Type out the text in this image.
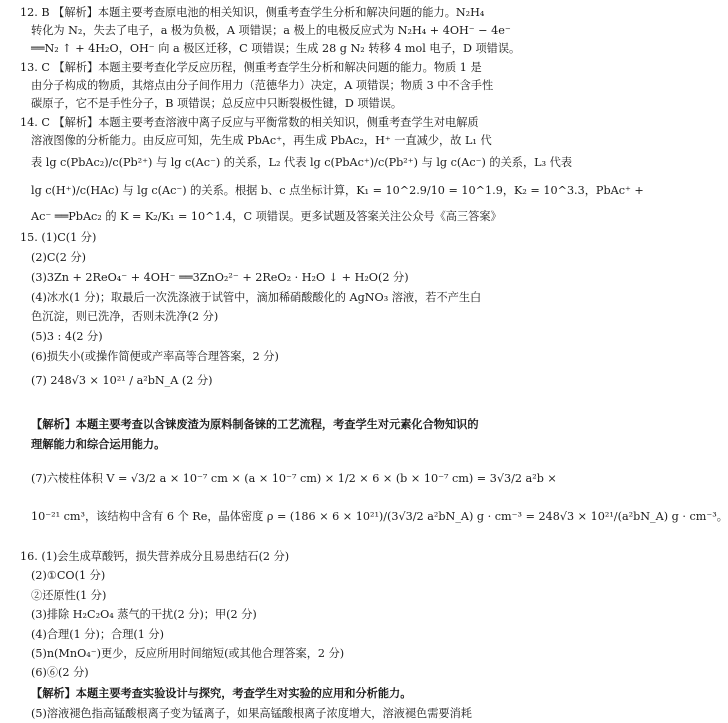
12. B 【解析】本题主要考查原电池的相关知识，侧重考查学生分析和解决问题的能力。N₂H₄
转化为 N₂，失去了电子，a 极为负极，A 项错误；a 极上的电极反应式为 N₂H₄ + 4OH⁻ − 4e⁻
══N₂ ↑ + 4H₂O，OH⁻ 向 a 极区迁移，C 项错误；生成 28 g N₂ 转移 4 mol 电子，D 项错误。
13. C 【解析】本题主要考查化学反应历程，侧重考查学生分析和解决问题的能力。物质 1 是
由分子构成的物质，其熔点由分子间作用力（范德华力）决定，A 项错误；物质 3 中不含手性
碳原子，它不是手性分子，B 项错误；总反应中只断裂极性键，D 项错误。
14. C 【解析】本题主要考查溶液中离子反应与平衡常数的相关知识，侧重考查学生对电解质
溶液图像的分析能力。由反应可知，先生成 PbAc⁺，再生成 PbAc₂，H⁺ 一直减少，故 L₁ 代
表 lg c(PbAc₂)/c(Pb²⁺) 与 lg c(Ac⁻) 的关系，L₂ 代表 lg c(PbAc⁺)/c(Pb²⁺) 与 lg c(Ac⁻) 的关系，L₃ 代表
lg c(H⁺)/c(HAc) 与 lg c(Ac⁻) 的关系。根据 b、c 点坐标计算，K₁ = 10^2.9/10 = 10^1.9，K₂ = 10^3.3，PbAc⁺ +
Ac⁻ ══PbAc₂ 的 K = K₂/K₁ = 10^1.4，C 项错误。更多试题及答案关注公众号《高三答案》
15. (1)C(1 分)
(2)C(2 分)
(3)3Zn + 2ReO₄⁻ + 4OH⁻ ══3ZnO₂²⁻ + 2ReO₂ · H₂O ↓ + H₂O(2 分)
(4)冰水(1 分)；取最后一次洗涤液于试管中，滴加稀硝酸酸化的 AgNO₃ 溶液，若不产生白
色沉淀，则已洗净，否则未洗净(2 分)
(5)3 : 4(2 分)
(6)损失小(或操作简便或产率高等合理答案，2 分)
(7) 248√3 × 10²¹ / a²bN_A (2 分)
【解析】本题主要考查以含铼废渣为原料制备铼的工艺流程，考查学生对元素化合物知识的
理解能力和综合运用能力。
(7)六棱柱体积 V = √3/2 a × 10⁻⁷ cm × (a × 10⁻⁷ cm) × 1/2 × 6 × (b × 10⁻⁷ cm) = 3√3/2 a²b ×
10⁻²¹ cm³，该结构中含有 6 个 Re，晶体密度 ρ = (186 × 6 × 10²¹)/(3√3/2 a²bN_A) g · cm⁻³ = 248√3 × 10²¹/(a²bN_A) g · cm⁻³。
16. (1)会生成草酸钙，损失营养成分且易患结石(2 分)
(2)①CO(1 分)
②还原性(1 分)
(3)排除 H₂C₂O₄ 蒸气的干扰(2 分)；甲(2 分)
(4)合理(1 分)；合理(1 分)
(5)n(MnO₄⁻)更少，反应所用时间缩短(或其他合理答案，2 分)
(6)⑥(2 分)
【解析】本题主要考查实验设计与探究，考查学生对实验的应用和分析能力。
(5)溶液褪色指高锰酸根离子变为锰离子，如果高锰酸根离子浓度增大，溶液褪色需要消耗
